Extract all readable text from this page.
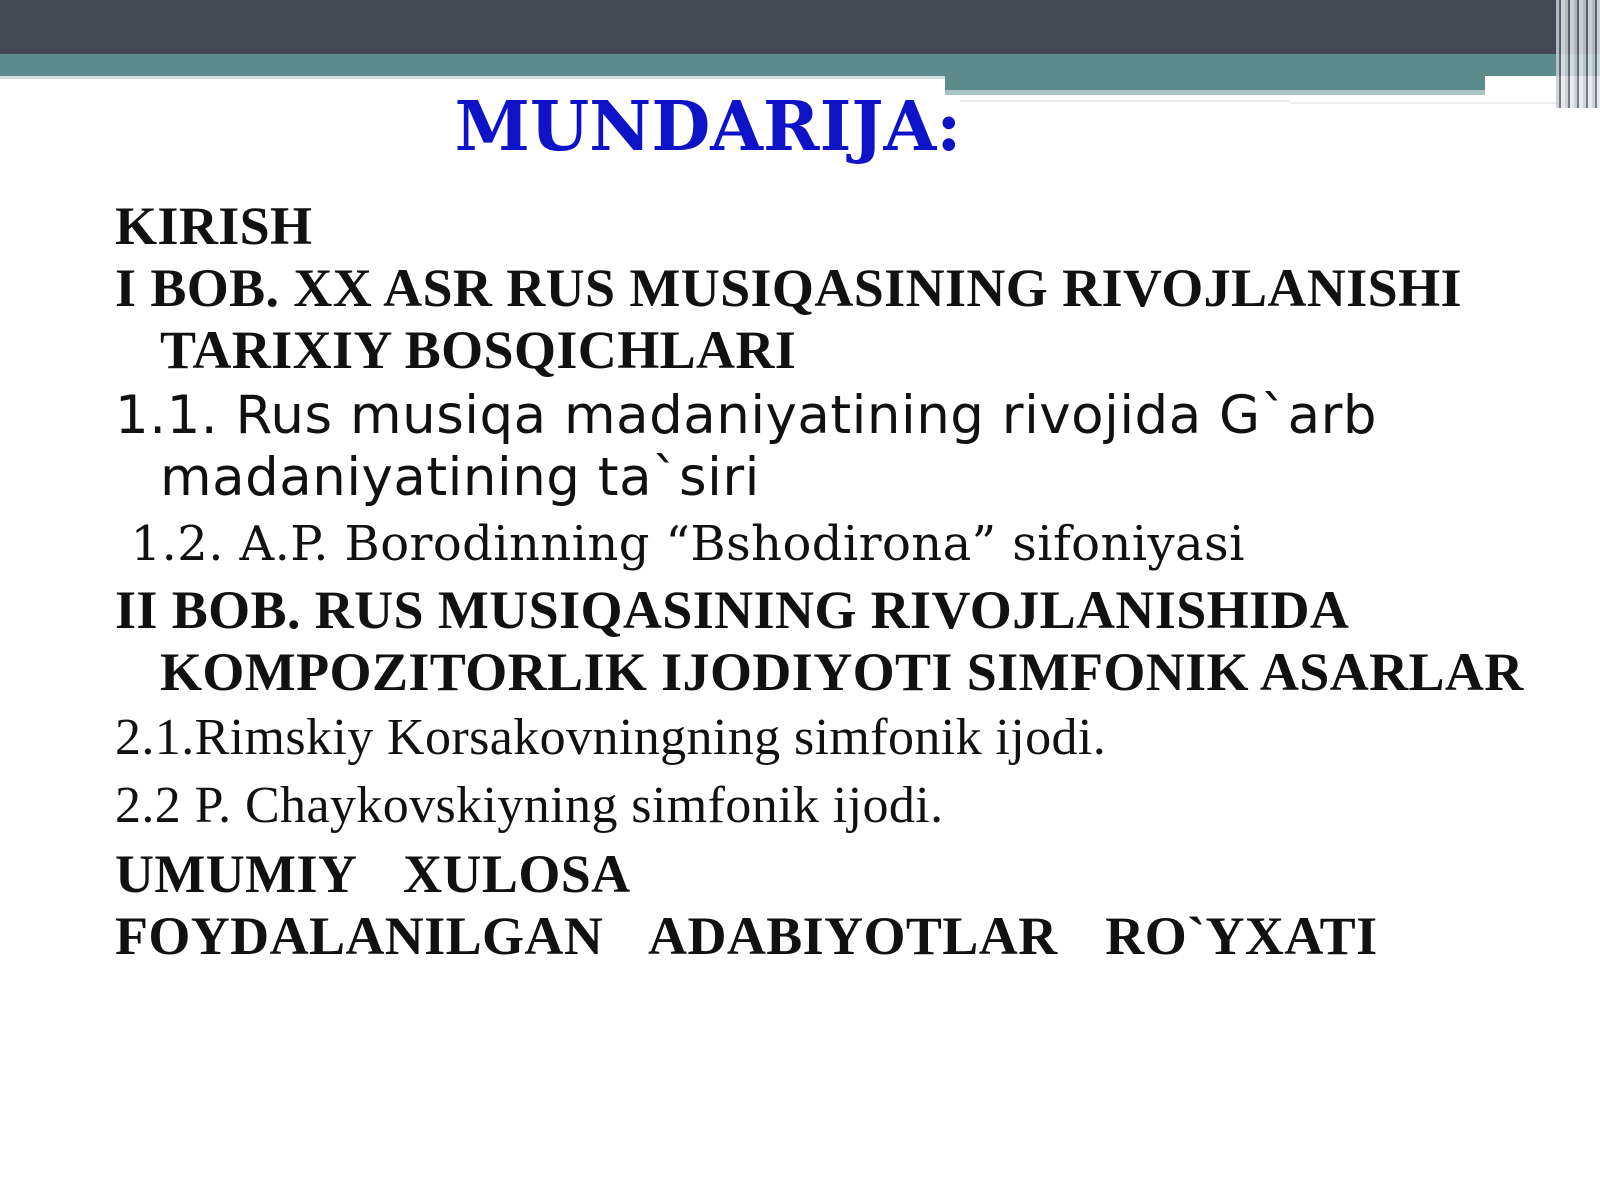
MUNDARIJA:
KIRISH
I BOB. XX ASR RUS MUSIQASINING RIVOJLANISHI TARIXIY BOSQICHLARI
1.1. Rus musiqa madaniyatining rivojida G`arb madaniyatining ta`siri
1.2. A.P. Borodinning “Bshodirona” sifoniyasi
II BOB. RUS MUSIQASINING RIVOJLANISHIDA KOMPOZITORLIK IJODIYOTI SIMFONIK ASARLAR
2.1.Rimskiy Korsakovningning simfonik ijodi.
2.2 P. Chaykovskiyning simfonik ijodi.
UMUMIY  XULOSA
FOYDALANILGAN  ADABIYOTLAR  RO`YXATI
